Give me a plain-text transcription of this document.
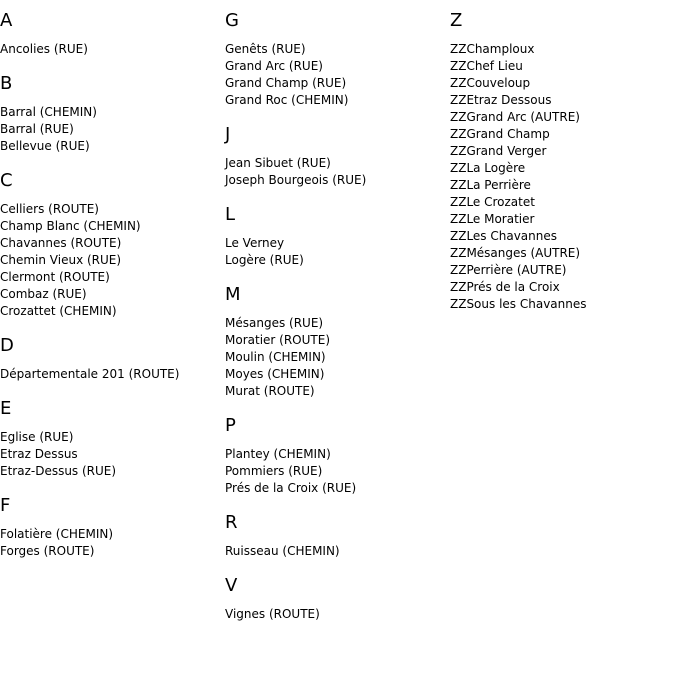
A
Ancolies (RUE)
B
Barral (CHEMIN)
Barral (RUE)
Bellevue (RUE)
C
Celliers (ROUTE)
Champ Blanc (CHEMIN)
Chavannes (ROUTE)
Chemin Vieux (RUE)
Clermont (ROUTE)
Combaz (RUE)
Crozattet (CHEMIN)
D
Départementale 201 (ROUTE)
E
Eglise (RUE)
Etraz Dessus
Etraz-Dessus (RUE)
F
Folatière (CHEMIN)
Forges (ROUTE)
G
Genêts (RUE)
Grand Arc (RUE)
Grand Champ (RUE)
Grand Roc (CHEMIN)
J
Jean Sibuet (RUE)
Joseph Bourgeois (RUE)
L
Le Verney
Logère (RUE)
M
Mésanges (RUE)
Moratier (ROUTE)
Moulin (CHEMIN)
Moyes (CHEMIN)
Murat (ROUTE)
P
Plantey (CHEMIN)
Pommiers (RUE)
Prés de la Croix (RUE)
R
Ruisseau (CHEMIN)
V
Vignes (ROUTE)
Z
ZZChamploux
ZZChef Lieu
ZZCouveloup
ZZEtraz Dessous
ZZGrand Arc (AUTRE)
ZZGrand Champ
ZZGrand Verger
ZZLa Logère
ZZLa Perrière
ZZLe Crozatet
ZZLe Moratier
ZZLes Chavannes
ZZMésanges (AUTRE)
ZZPerrière (AUTRE)
ZZPrés de la Croix
ZZSous les Chavannes
